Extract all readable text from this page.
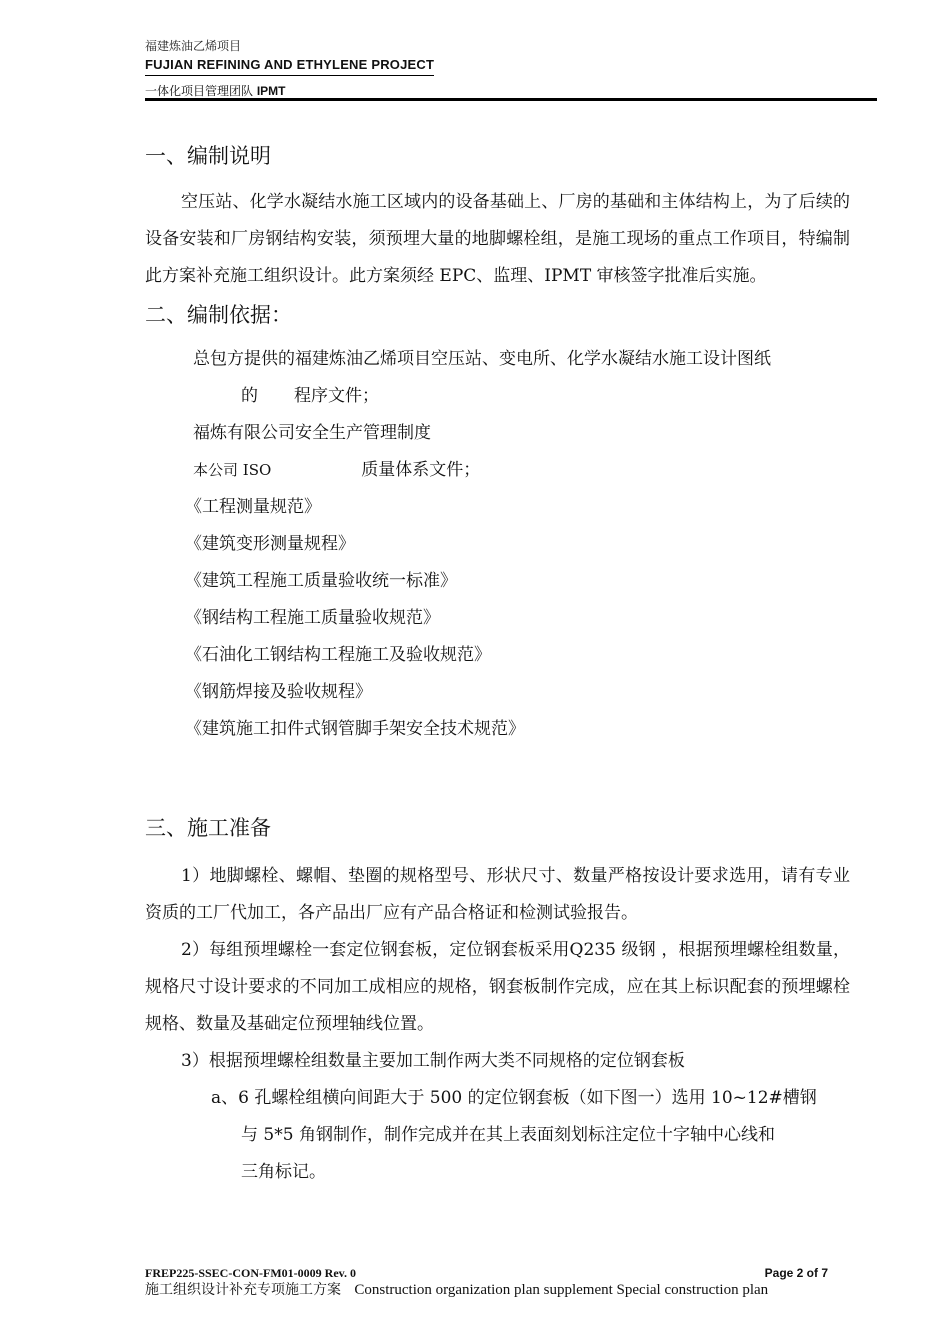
福建炼油乙烯项目
FUJIAN REFINING AND ETHYLENE PROJECT
一体化项目管理团队 IPMT
一、编制说明

空压站、化学水凝结水施工区域内的设备基础上、厂房的基础和主体结构上，为了后续的设备安装和厂房钢结构安装，须预埋大量的地脚螺栓组，是施工现场的重点工作项目，特编制此方案补充施工组织设计。此方案须经 EPC、监理、IPMT 审核签字批准后实施。

二、编制依据：
总包方提供的福建炼油乙烯项目空压站、变电所、化学水凝结水施工设计图纸
的 程序文件；
福炼有限公司安全生产管理制度
本公司 ISO	质量体系文件；
《工程测量规范》
《建筑变形测量规程》
《建筑工程施工质量验收统一标准》
《钢结构工程施工质量验收规范》
《石油化工钢结构工程施工及验收规范》
《钢筋焊接及验收规程》
《建筑施工扣件式钢管脚手架安全技术规范》
三、施工准备

1）地脚螺栓、螺帽、垫圈的规格型号、形状尺寸、数量严格按设计要求选用，请有专业资质的工厂代加工，各产品出厂应有产品合格证和检测试验报告。

2）每组预埋螺栓一套定位钢套板，定位钢套板采用Q235 级钢 ，根据预埋螺栓组数量，规格尺寸设计要求的不同加工成相应的规格，钢套板制作完成，应在其上标识配套的预埋螺栓规格、数量及基础定位预埋轴线位置。

3）根据预埋螺栓组数量主要加工制作两大类不同规格的定位钢套板

a、6 孔螺栓组横向间距大于 500 的定位钢套板（如下图一）选用 10~12#槽钢

与 5*5 角钢制作，制作完成并在其上表面刻划标注定位十字轴中心线和

三角标记。

FREP225-SSEC-CON-FM01-0009 Rev. 0	Page 2 of 7
施工组织设计补充专项施工方案 Construction organization plan supplement Special construction plan
